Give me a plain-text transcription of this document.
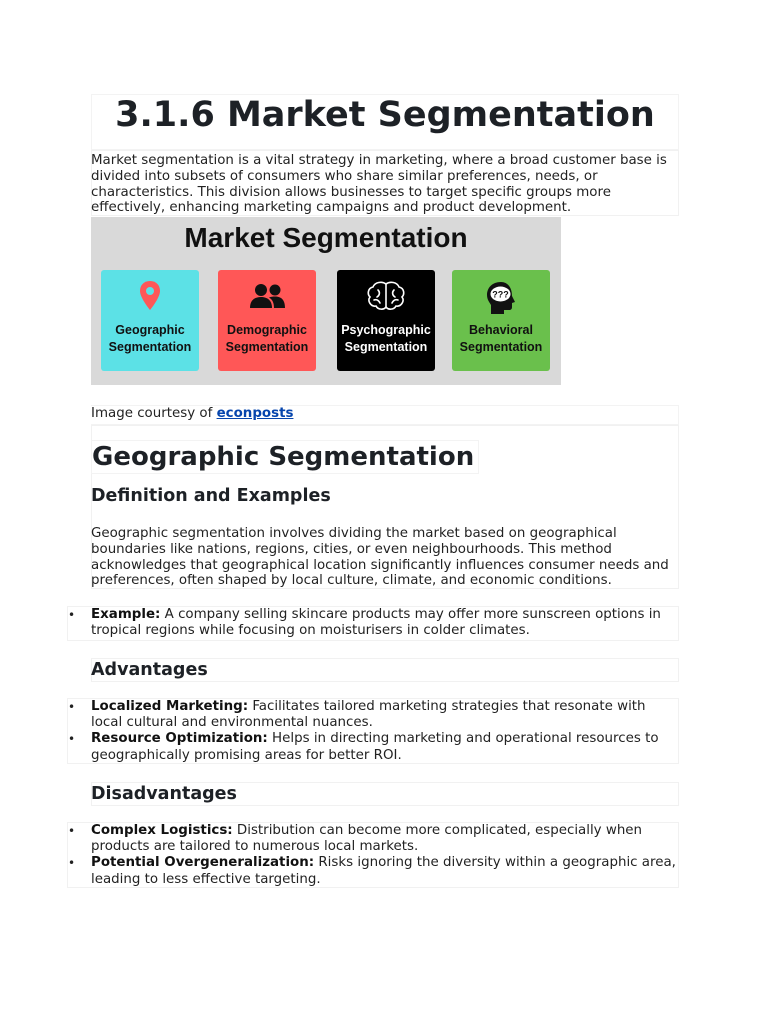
3.1.6 Market Segmentation

Market segmentation is a vital strategy in marketing, where a broad customer base is divided into subsets of consumers who share similar preferences, needs, or characteristics. This division allows businesses to target specific groups more effectively, enhancing marketing campaigns and product development.

Market Segmentation
Geographic
Segmentation
Demographic
Segmentation
Psychographic
Segmentation
???
Behavioral
Segmentation

Image courtesy of econposts

Geographic Segmentation
Definition and Examples

Geographic segmentation involves dividing the market based on geographical boundaries like nations, regions, cities, or even neighbourhoods. This method acknowledges that geographical location significantly influences consumer needs and preferences, often shaped by local culture, climate, and economic conditions.

• Example: A company selling skincare products may offer more sunscreen options in tropical regions while focusing on moisturisers in colder climates.
Advantages
• Localized Marketing: Facilitates tailored marketing strategies that resonate with local cultural and environmental nuances.
• Resource Optimization: Helps in directing marketing and operational resources to geographically promising areas for better ROI.
Disadvantages
• Complex Logistics: Distribution can become more complicated, especially when products are tailored to numerous local markets.
• Potential Overgeneralization: Risks ignoring the diversity within a geographic area, leading to less effective targeting.
